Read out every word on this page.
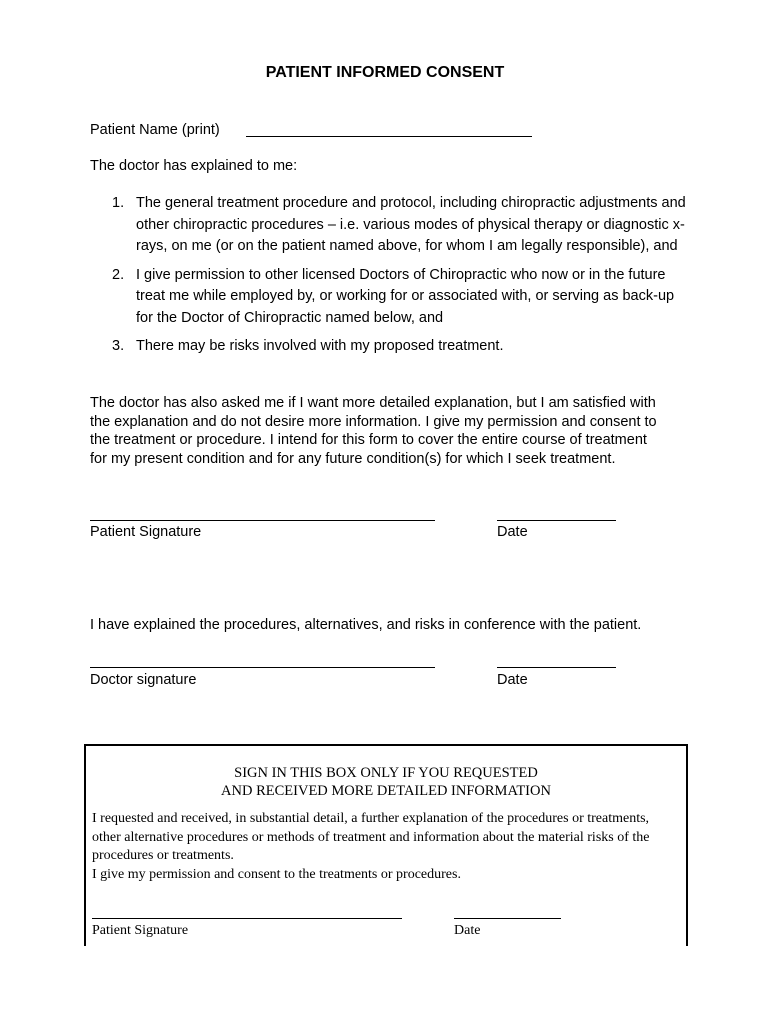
PATIENT INFORMED CONSENT
Patient Name (print)
The doctor has explained to me:
1. The general treatment procedure and protocol, including chiropractic adjustments and other chiropractic procedures – i.e. various modes of physical therapy or diagnostic x-rays, on me (or on the patient named above, for whom I am legally responsible), and
2. I give permission to other licensed Doctors of Chiropractic who now or in the future treat me while employed by, or working for or associated with, or serving as back-up for the Doctor of Chiropractic named below, and
3. There may be risks involved with my proposed treatment.
The doctor has also asked me if I want more detailed explanation, but I am satisfied with the explanation and do not desire more information. I give my permission and consent to the treatment or procedure. I intend for this form to cover the entire course of treatment for my present condition and for any future condition(s) for which I seek treatment.
Patient Signature	Date
I have explained the procedures, alternatives, and risks in conference with the patient.
Doctor signature	Date
SIGN IN THIS BOX ONLY IF YOU REQUESTED
AND RECEIVED MORE DETAILED INFORMATION
I requested and received, in substantial detail, a further explanation of the procedures or treatments, other alternative procedures or methods of treatment and information about the material risks of the procedures or treatments.
I give my permission and consent to the treatments or procedures.
Patient Signature	Date
